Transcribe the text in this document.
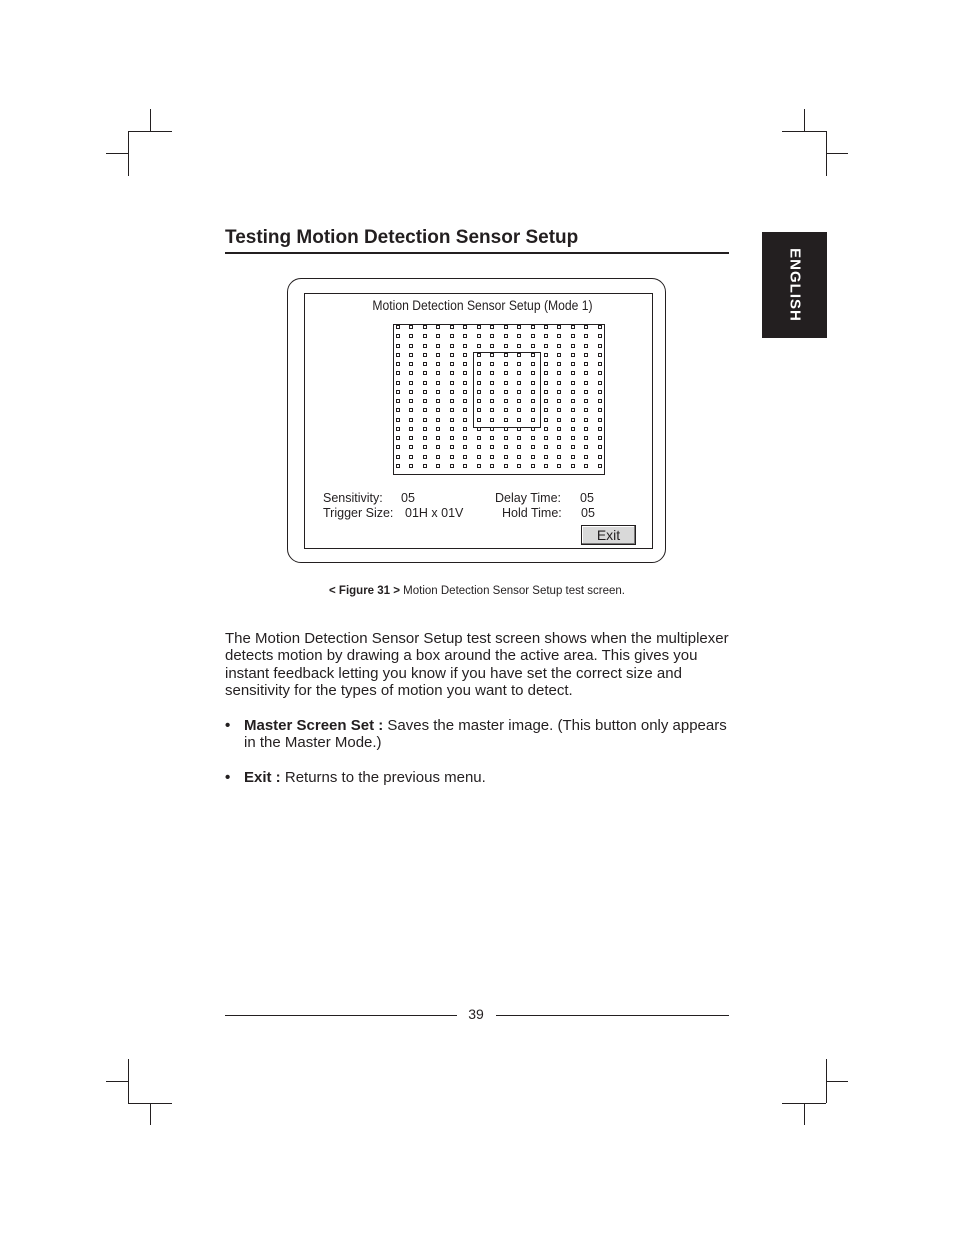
Testing Motion Detection Sensor Setup
ENGLISH
Motion Detection Sensor Setup (Mode 1)
Sensitivity: 05
Trigger Size: 01H x 01V
Delay Time: 05
Hold Time: 05
Exit
< Figure 31 > Motion Detection Sensor Setup test screen.

The Motion Detection Sensor Setup test screen shows when the multiplexer detects motion by drawing a box around the active area. This gives you instant feedback letting you know if you have set the correct size and sensitivity for the types of motion you want to detect.

• Master Screen Set : Saves the master image. (This button only appears in the Master Mode.)
• Exit : Returns to the previous menu.
39
